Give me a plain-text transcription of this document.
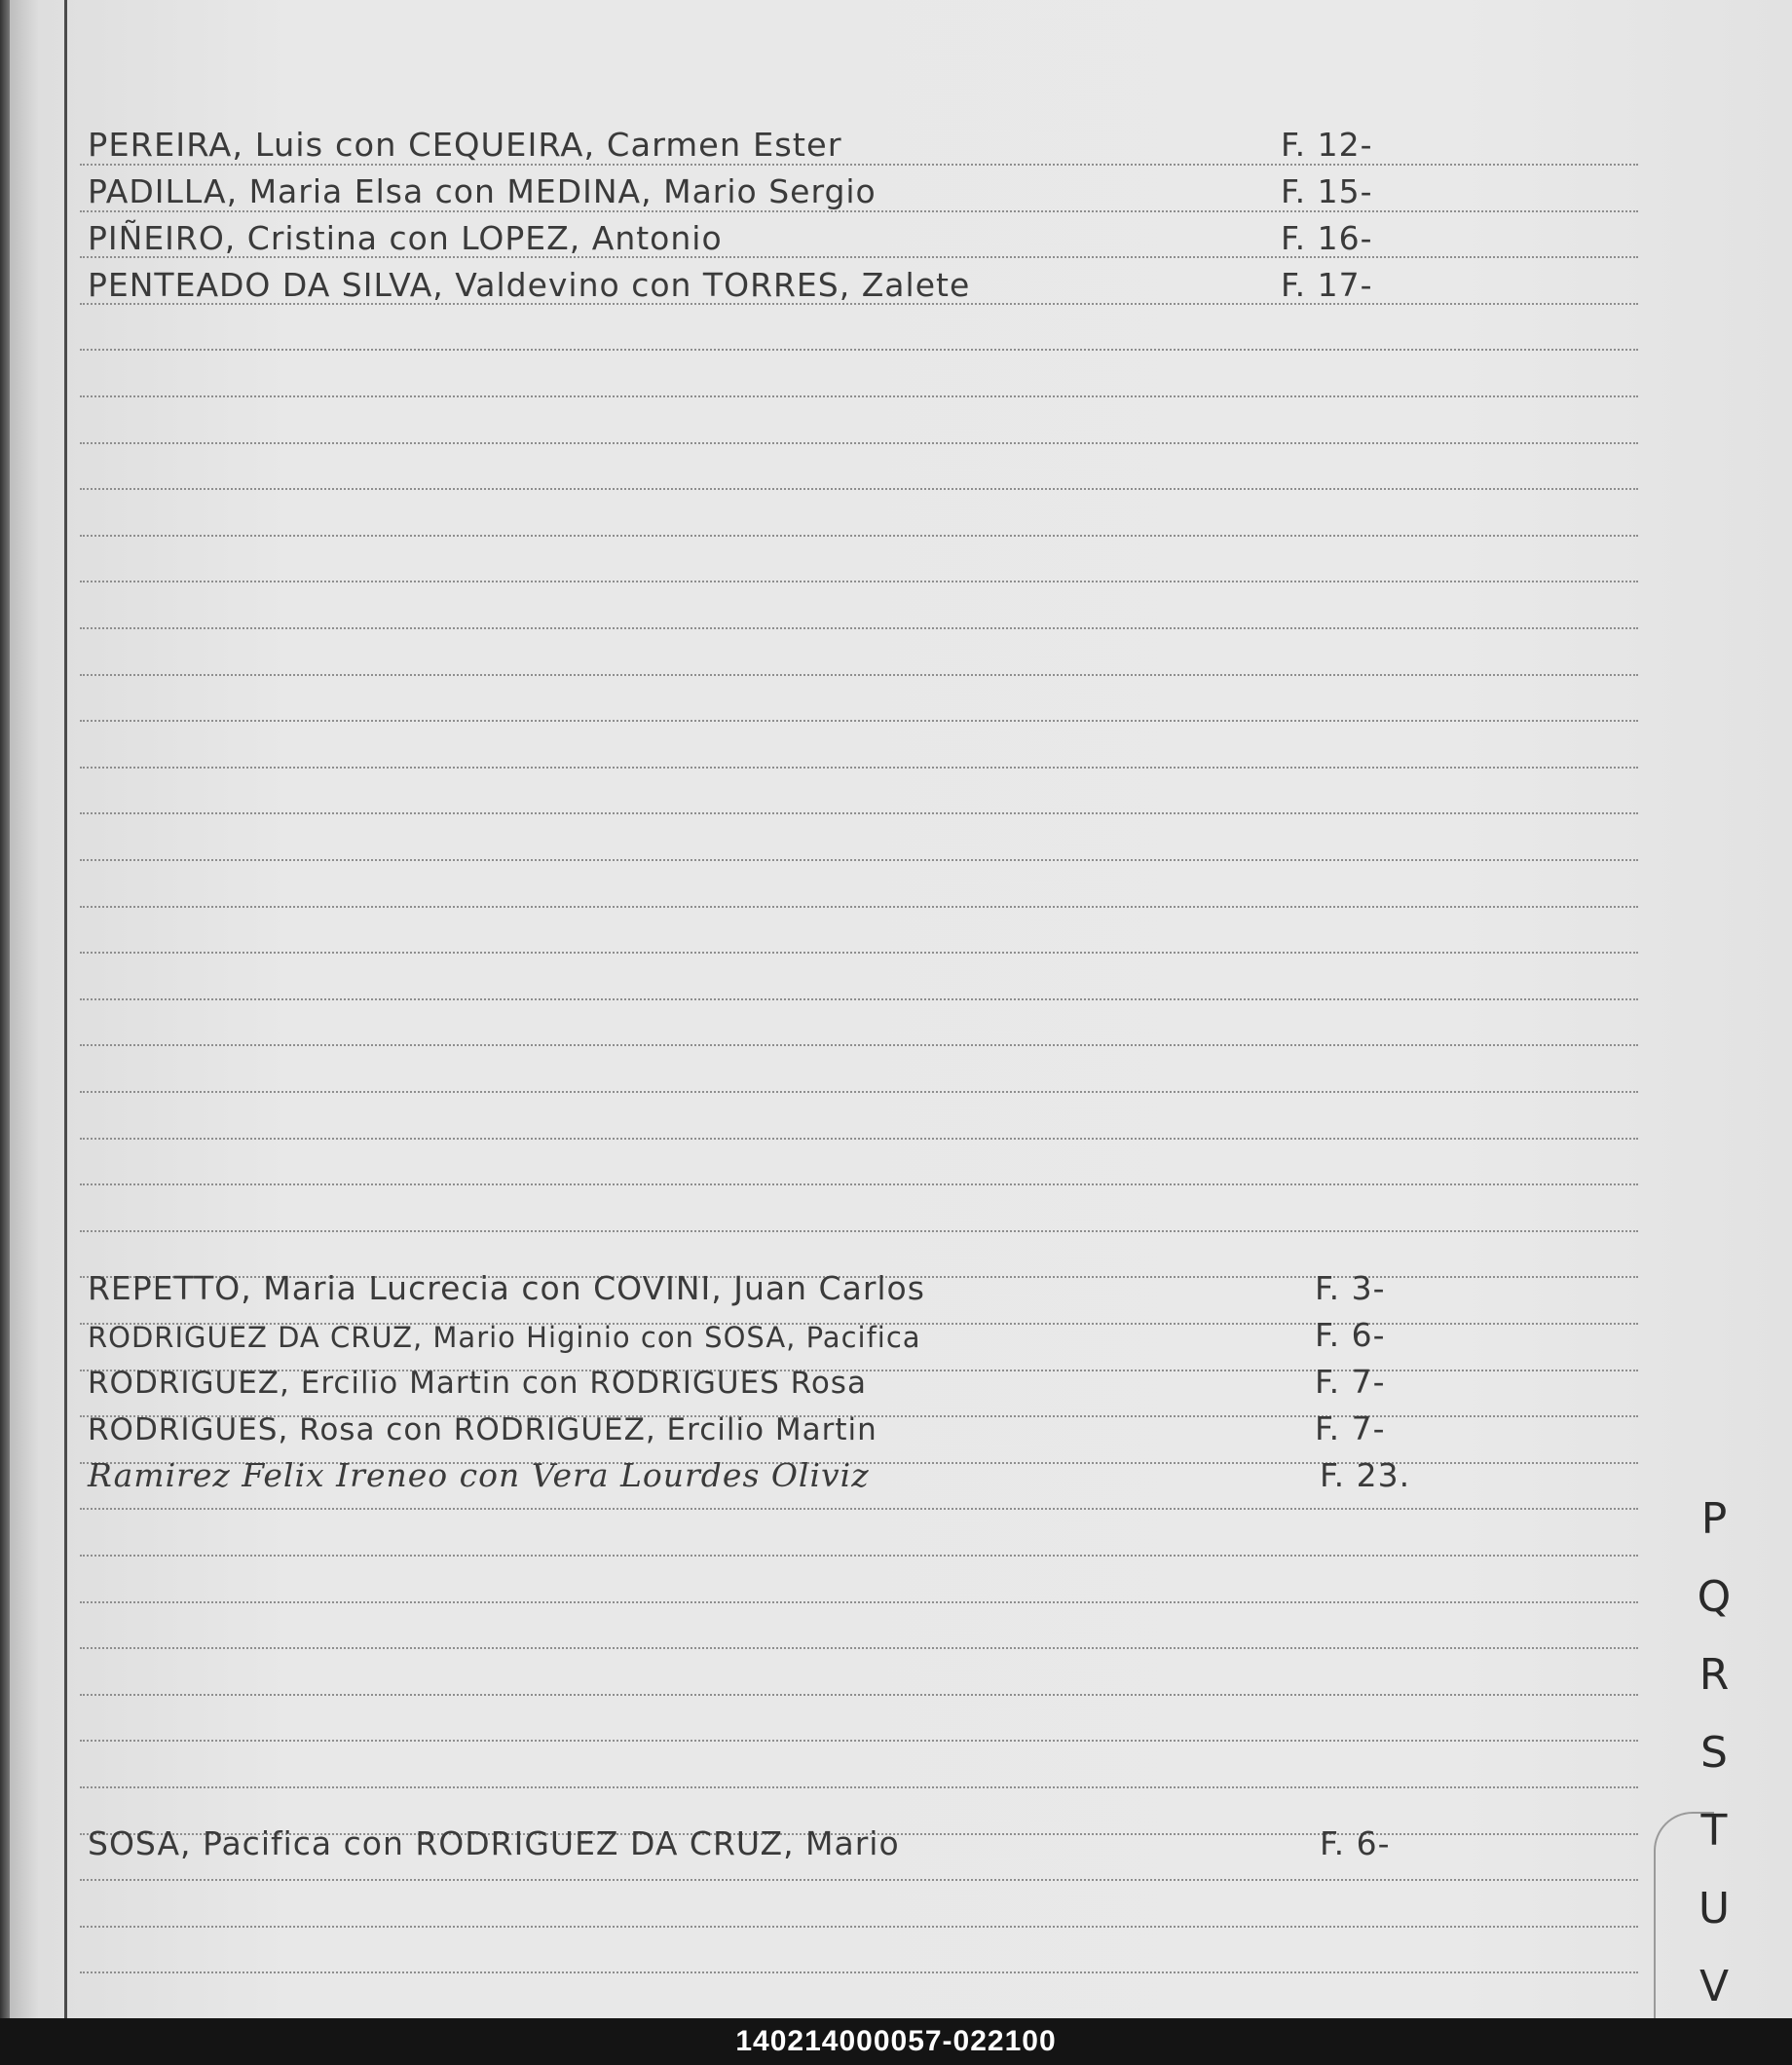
PEREIRA, Luis con CEQUEIRA, Carmen Ester	F. 12-
PADILLA, Maria Elsa con MEDINA, Mario Sergio	F. 15-
PIÑEIRO, Cristina con LOPEZ, Antonio	F. 16-
PENTEADO DA SILVA, Valdevino con TORRES, Zalete	F. 17-
REPETTO, Maria Lucrecia con COVINI, Juan Carlos	F. 3-
RODRIGUEZ DA CRUZ, Mario Higinio con SOSA, Pacifica	F. 6-
RODRIGUEZ, Ercilio Martin con RODRIGUES Rosa	F. 7-
RODRIGUES, Rosa con RODRIGUEZ, Ercilio Martin	F. 7-
Ramirez Felix Ireneo con Vera Lourdes Oliviz	F. 23.
SOSA, Pacifica con RODRIGUEZ DA CRUZ, Mario	F. 6-
P
Q
R
S
T
U
V
140214000057-022100
